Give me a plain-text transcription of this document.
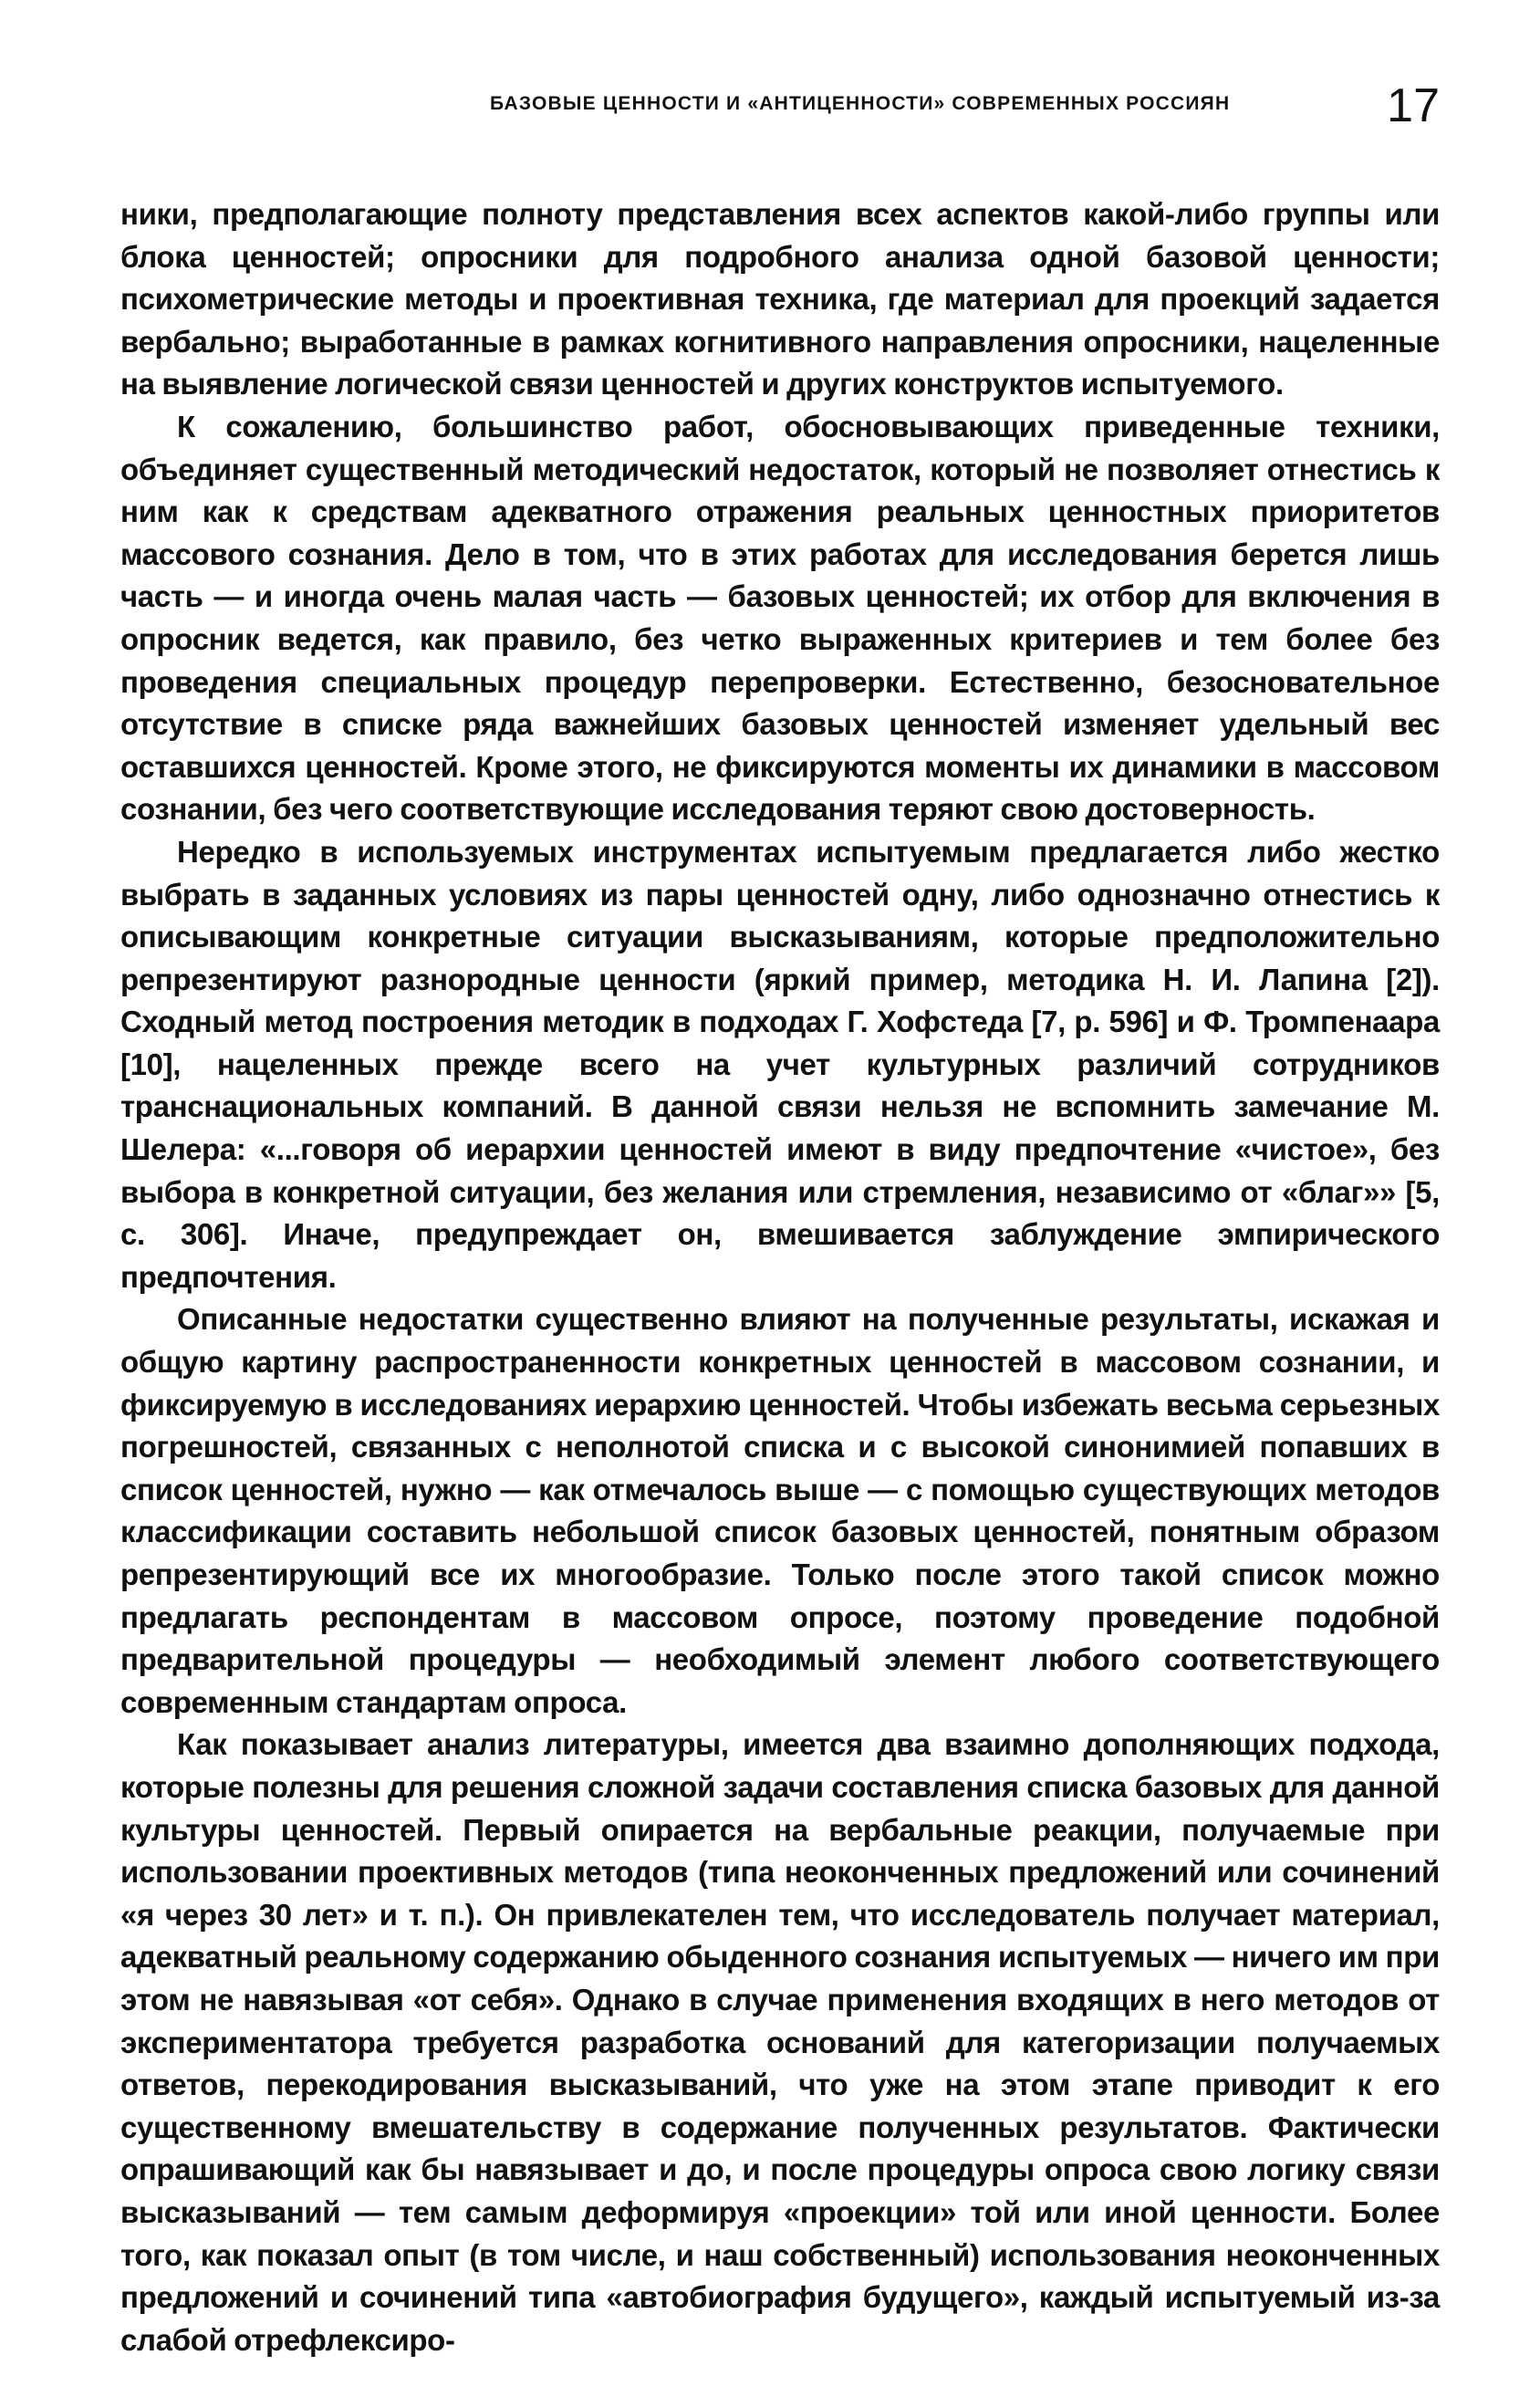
БАЗОВЫЕ ЦЕННОСТИ И «АНТИЦЕННОСТИ» СОВРЕМЕННЫХ РОССИЯН	17

ники, предполагающие полноту представления всех аспектов какой-либо группы или блока ценностей; опросники для подробного анализа одной базовой ценности; психометрические методы и проективная техника, где материал для проекций задается вербально; выработанные в рамках когнитивного направления опросники, нацеленные на выявление логической связи ценностей и других конструктов испытуемого.

К сожалению, большинство работ, обосновывающих приведенные техники, объединяет существенный методический недостаток, который не позволяет отнестись к ним как к средствам адекватного отражения реальных ценностных приоритетов массового сознания. Дело в том, что в этих работах для исследования берется лишь часть — и иногда очень малая часть — базовых ценностей; их отбор для включения в опросник ведется, как правило, без четко выраженных критериев и тем более без проведения специальных процедур перепроверки. Естественно, безосновательное отсутствие в списке ряда важнейших базовых ценностей изменяет удельный вес оставшихся ценностей. Кроме этого, не фиксируются моменты их динамики в массовом сознании, без чего соответствующие исследования теряют свою достоверность.

Нередко в используемых инструментах испытуемым предлагается либо жестко выбрать в заданных условиях из пары ценностей одну, либо однозначно отнестись к описывающим конкретные ситуации высказываниям, которые предположительно репрезентируют разнородные ценности (яркий пример, методика Н. И. Лапина [2]). Сходный метод построения методик в подходах Г. Хофстеда [7, p. 596] и Ф. Тромпенаара [10], нацеленных прежде всего на учет культурных различий сотрудников транснациональных компаний. В данной связи нельзя не вспомнить замечание М. Шелера: «...говоря об иерархии ценностей имеют в виду предпочтение «чистое», без выбора в конкретной ситуации, без желания или стремления, независимо от «благ»» [5, с. 306]. Иначе, предупреждает он, вмешивается заблуждение эмпирического предпочтения.

Описанные недостатки существенно влияют на полученные результаты, искажая и общую картину распространенности конкретных ценностей в массовом сознании, и фиксируемую в исследованиях иерархию ценностей. Чтобы избежать весьма серьезных погрешностей, связанных с неполнотой списка и с высокой синонимией попавших в список ценностей, нужно — как отмечалось выше — с помощью существующих методов классификации составить небольшой список базовых ценностей, понятным образом репрезентирующий все их многообразие. Только после этого такой список можно предлагать респондентам в массовом опросе, поэтому проведение подобной предварительной процедуры — необходимый элемент любого соответствующего современным стандартам опроса.

Как показывает анализ литературы, имеется два взаимно дополняющих подхода, которые полезны для решения сложной задачи составления списка базовых для данной культуры ценностей. Первый опирается на вербальные реакции, получаемые при использовании проективных методов (типа неоконченных предложений или сочинений «я через 30 лет» и т. п.). Он привлекателен тем, что исследователь получает материал, адекватный реальному содержанию обыденного сознания испытуемых — ничего им при этом не навязывая «от себя». Однако в случае применения входящих в него методов от экспериментатора требуется разработка оснований для категоризации получаемых ответов, перекодирования высказываний, что уже на этом этапе приводит к его существенному вмешательству в содержание полученных результатов. Фактически опрашивающий как бы навязывает и до, и после процедуры опроса свою логику связи высказываний — тем самым деформируя «проекции» той или иной ценности. Более того, как показал опыт (в том числе, и наш собственный) использования неоконченных предложений и сочинений типа «автобиография будущего», каждый испытуемый из-за слабой отрефлексиро-
